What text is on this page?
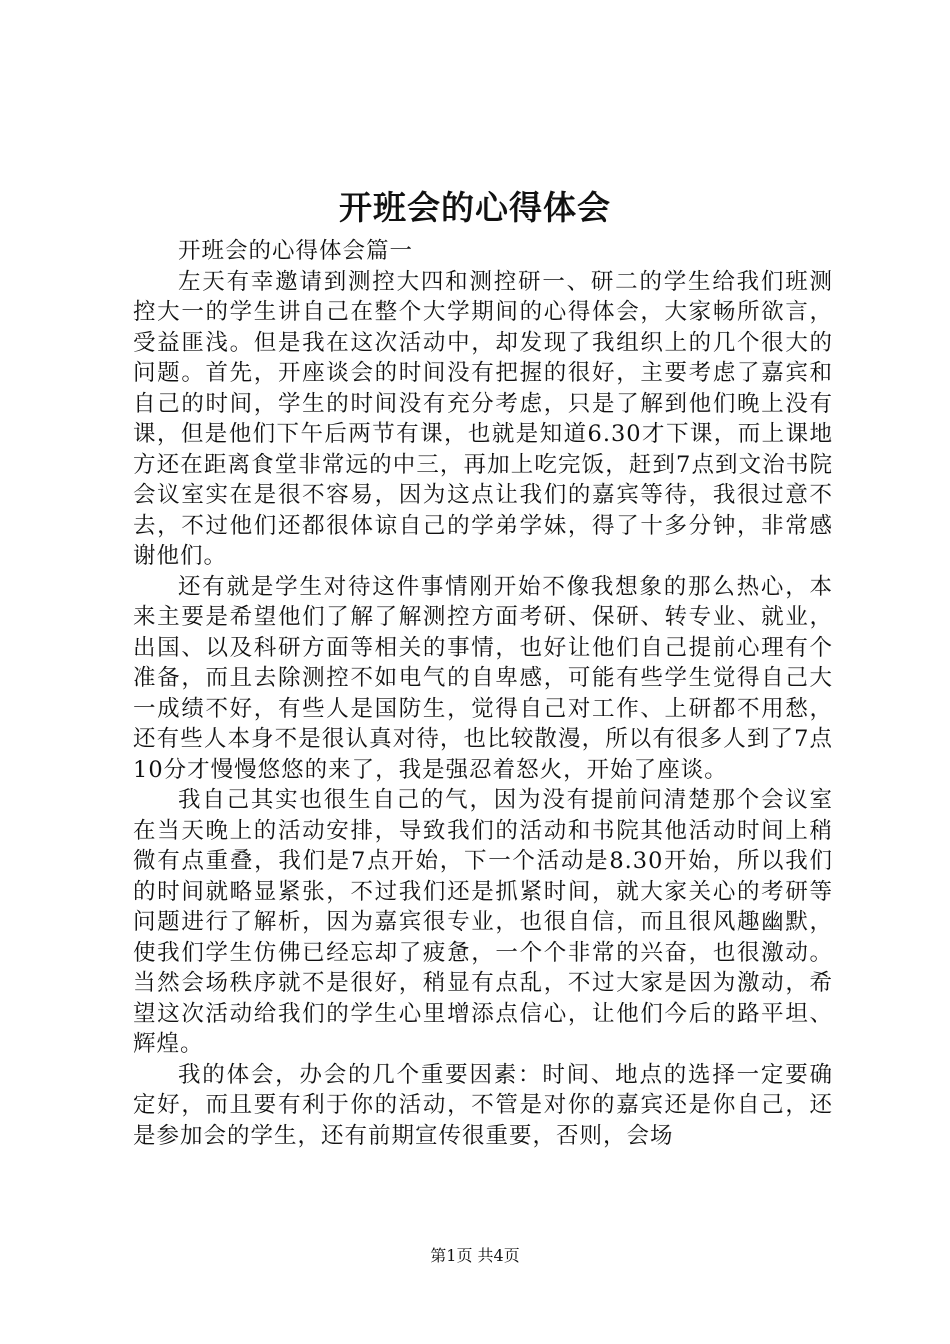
开班会的心得体会

开班会的心得体会篇一

左天有幸邀请到测控大四和测控研一、研二的学生给我们班测控大一的学生讲自己在整个大学期间的心得体会，大家畅所欲言，受益匪浅。但是我在这次活动中，却发现了我组织上的几个很大的问题。首先，开座谈会的时间没有把握的很好，主要考虑了嘉宾和自己的时间，学生的时间没有充分考虑，只是了解到他们晚上没有课，但是他们下午后两节有课，也就是知道6.30才下课，而上课地方还在距离食堂非常远的中三，再加上吃完饭，赶到7点到文治书院会议室实在是很不容易，因为这点让我们的嘉宾等待，我很过意不去，不过他们还都很体谅自己的学弟学妹，得了十多分钟，非常感谢他们。

还有就是学生对待这件事情刚开始不像我想象的那么热心，本来主要是希望他们了解了解测控方面考研、保研、转专业、就业，出国、以及科研方面等相关的事情，也好让他们自己提前心理有个准备，而且去除测控不如电气的自卑感，可能有些学生觉得自己大一成绩不好，有些人是国防生，觉得自己对工作、上研都不用愁，还有些人本身不是很认真对待，也比较散漫，所以有很多人到了7点10分才慢慢悠悠的来了，我是强忍着怒火，开始了座谈。

我自己其实也很生自己的气，因为没有提前问清楚那个会议室在当天晚上的活动安排，导致我们的活动和书院其他活动时间上稍微有点重叠，我们是7点开始，下一个活动是8.30开始，所以我们的时间就略显紧张，不过我们还是抓紧时间，就大家关心的考研等问题进行了解析，因为嘉宾很专业，也很自信，而且很风趣幽默，使我们学生仿佛已经忘却了疲惫，一个个非常的兴奋，也很激动。当然会场秩序就不是很好，稍显有点乱，不过大家是因为激动，希望这次活动给我们的学生心里增添点信心，让他们今后的路平坦、辉煌。

我的体会，办会的几个重要因素：时间、地点的选择一定要确定好，而且要有利于你的活动，不管是对你的嘉宾还是你自己，还是参加会的学生，还有前期宣传很重要，否则，会场

第1页 共4页
